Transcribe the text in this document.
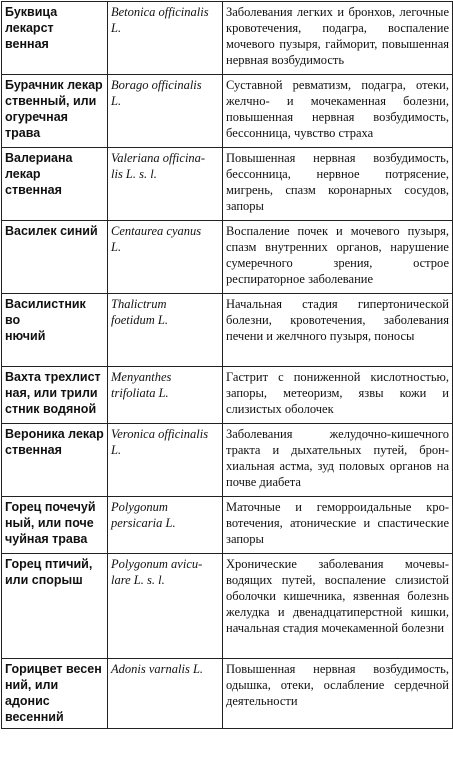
Буквица лекарст
венная	Betonica officinalis
L.	Заболевания легких и бронхов, легочные кровотечения, подагра, воспаление мочевого пузыря, гайморит, повышенная нервная возбудимость

Бурачник лекар
ственный, или
огуречная трава	Borago officinalis
L.	Суставной ревматизм, подагра, отеки, желчно- и мочекаменная болезни, повышенная нервная возбудимость, бессонница, чувство страха

Валериана лекар
ственная	Valeriana officina-
lis L. s. l.	Повышенная нервная возбудимость, бессонница, нервное потрясение, мигрень, спазм коронарных сосудов, запоры

Василек синий	Centaurea cyanus
L.	Воспаление почек и мочевого пузыря, спазм внутренних органов, нарушение сумеречного зрения, острое респираторное заболевание

Василистник во
нючий	Thalictrum
foetidum L.	Начальная стадия гипертонической болезни, кровотечения, заболевания печени и желчного пузыря, поносы

Вахта трехлист
ная, или трили
стник водяной	Menyanthes
trifoliata L.	Гастрит с пониженной кислотностью, запоры, метеоризм, язвы кожи и слизистых оболочек

Вероника лекар
ственная	Veronica officinalis
L.	Заболевания желудочно-кишечного тракта и дыхательных путей, бронхиальная астма, зуд половых органов на почве диабета

Горец почечуй
ный, или поче
чуйная трава	Polygonum
persicaria L.	Маточные и геморроидальные кровотечения, атонические и спастические запоры

Горец птичий,
или спорыш	Polygonum avicu-
lare L. s. l.	Хронические заболевания мочевыводящих путей, воспаление слизистой оболочки кишечника, язвенная болезнь желудка и двенадцатиперстной кишки, начальная стадия мочекаменной болезни

Горицвет весен
ний, или адонис
весенний	Adonis varnalis L.	Повышенная нервная возбудимость, одышка, отеки, ослабление сердечной деятельности
